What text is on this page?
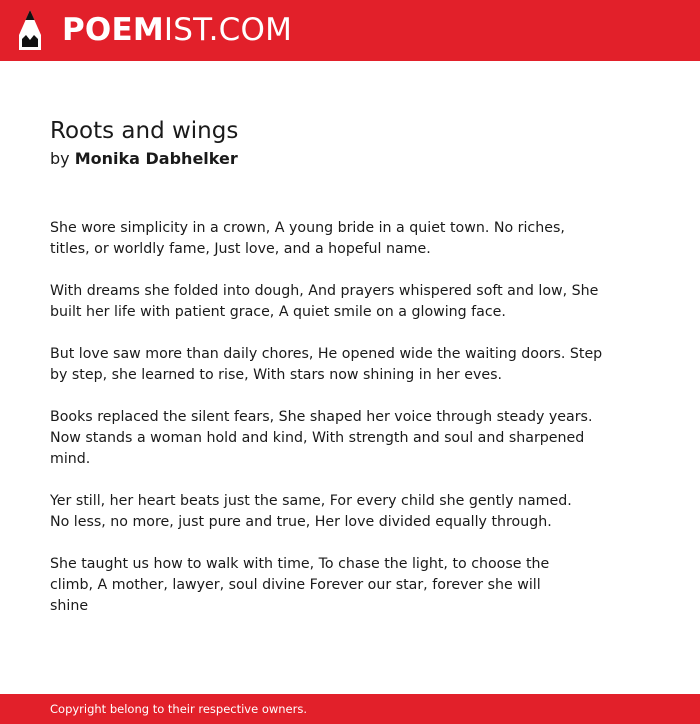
POEMIST.COM
Roots and wings
by Monika Dabhelker
She wore simplicity in a crown, A young bride in a quiet town. No riches,
titles, or worldly fame, Just love, and a hopeful name.
With dreams she folded into dough, And prayers whispered soft and low, She
built her life with patient grace, A quiet smile on a glowing face.
But love saw more than daily chores, He opened wide the waiting doors. Step
by step, she learned to rise, With stars now shining in her eves.
Books replaced the silent fears, She shaped her voice through steady years.
Now stands a woman hold and kind, With strength and soul and sharpened
mind.
Yer still, her heart beats just the same, For every child she gently named.
No less, no more, just pure and true, Her love divided equally through.
She taught us how to walk with time, To chase the light, to choose the
climb, A mother, lawyer, soul divine Forever our star, forever she will
shine
Copyright belong to their respective owners.
